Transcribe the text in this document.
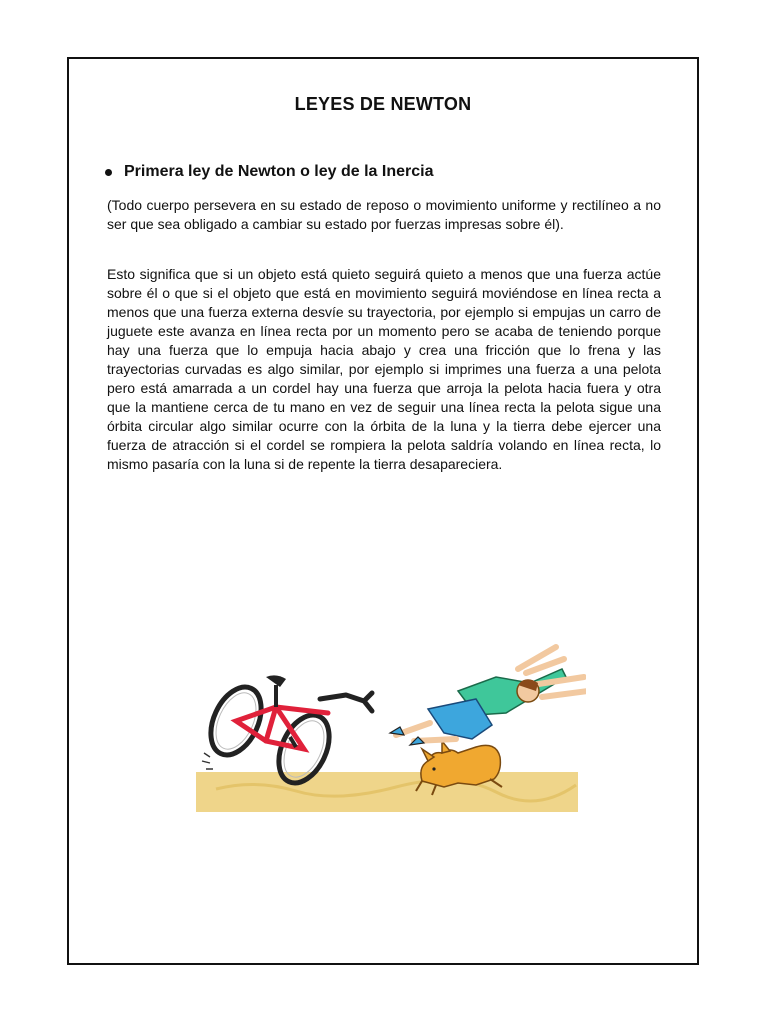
LEYES DE NEWTON
Primera ley de Newton o ley de la Inercia

(Todo cuerpo persevera en su estado de reposo o movimiento uniforme y rectilíneo a no ser que sea obligado a cambiar su estado por fuerzas impresas sobre él).

Esto significa que si un objeto está quieto seguirá quieto a menos que una fuerza actúe sobre él o que si el objeto que está en movimiento seguirá moviéndose en línea recta a menos que una fuerza externa desvíe su trayectoria, por ejemplo si empujas un carro de juguete este avanza en línea recta por un momento pero se acaba de teniendo porque hay una fuerza que lo empuja hacia abajo y crea una fricción que lo frena y las trayectorias curvadas es algo similar, por ejemplo si imprimes una fuerza a una pelota pero está amarrada a un cordel hay una fuerza que arroja la pelota hacia fuera y otra que la mantiene cerca de tu mano en vez de seguir una línea recta la pelota sigue una órbita circular algo similar ocurre con la órbita de la luna y la tierra debe ejercer una fuerza de atracción si el cordel se rompiera la pelota saldría volando en línea recta, lo mismo pasaría con la luna si de repente la tierra desapareciera.
